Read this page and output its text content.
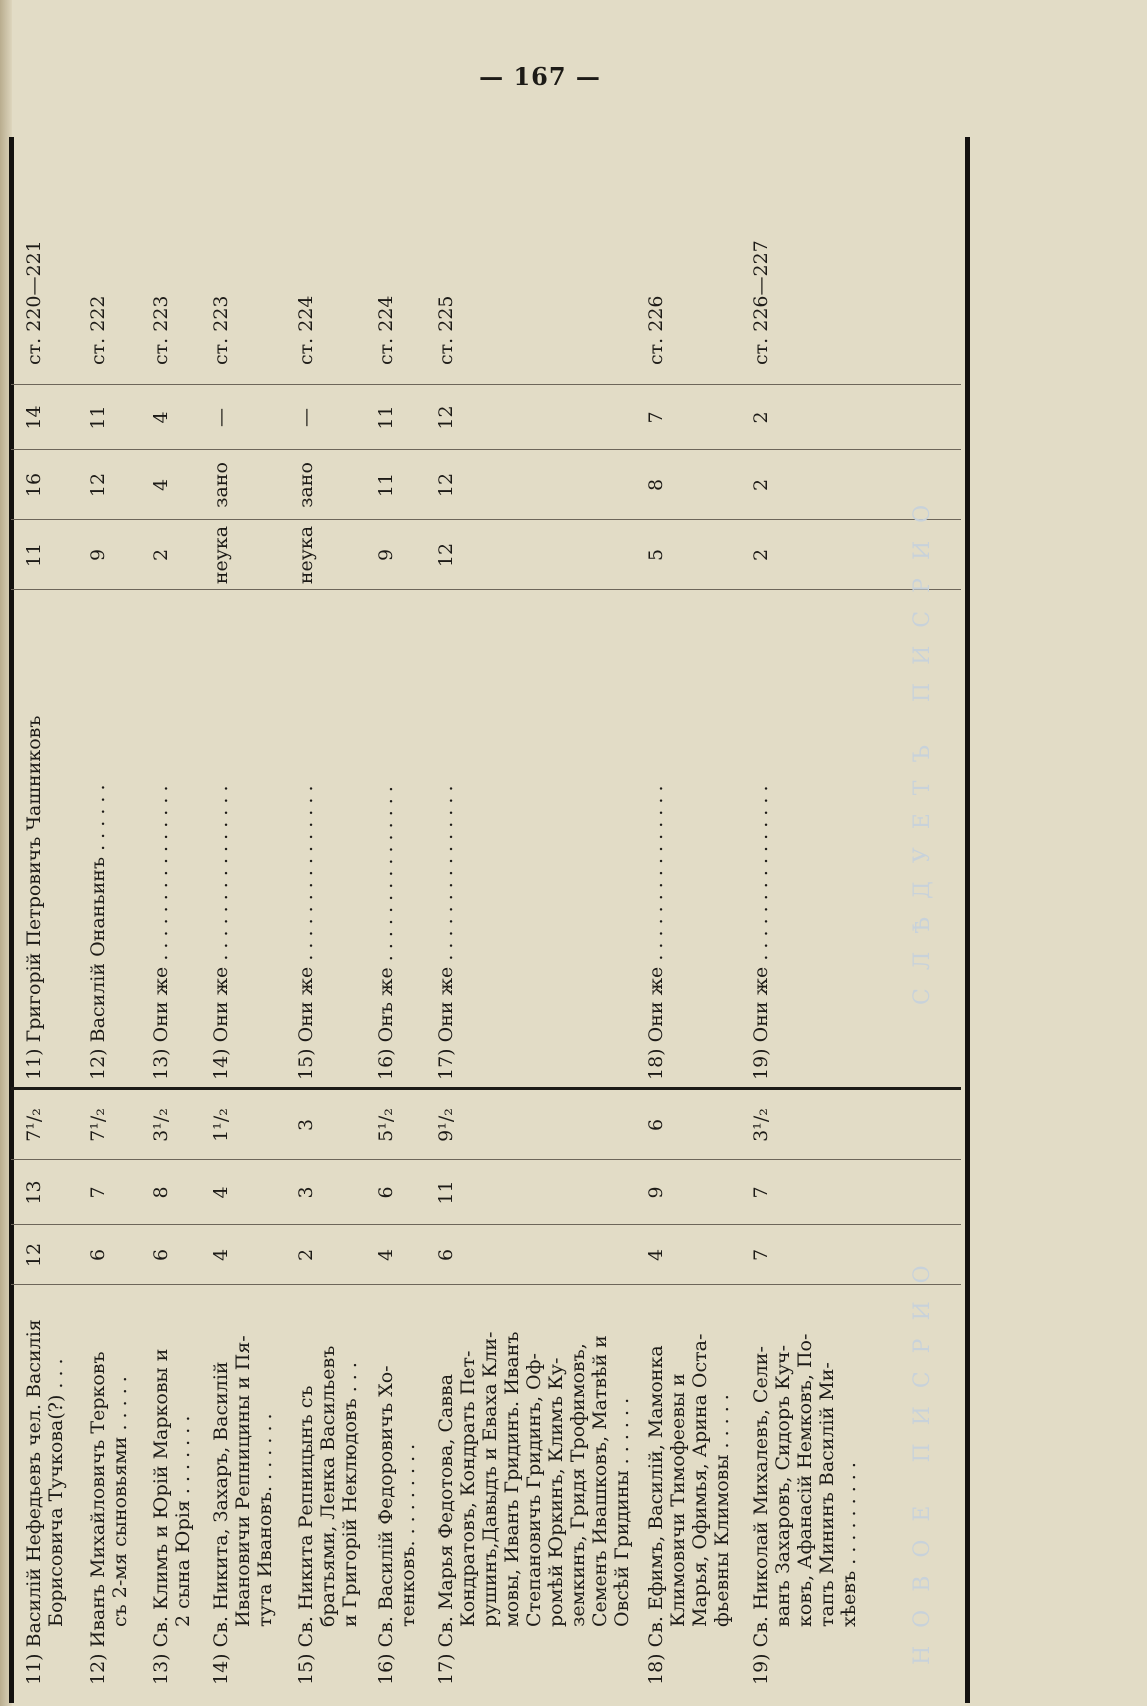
— 167 —
НОВОЕ ПИСРИО
СЛѢДУЕТЪ ПИСРИО
12
13
7¹/₂
11) Василій Нефедьевъ чел. Василія Борисовича Тучкова(?) . . .
11) Григорій Петровичъ Чашниковъ
11
16
14
ст. 220—221
12) Иванъ Михайловичъ Терковъ съ 2-мя сыновьями . . . . .
6
7
7¹/₂
12) Василій Онаньинъ . . . . . .
9
12
11
ст. 222
13) Св. Климъ и Юрій Марковы и 2 сына Юрія . . . . . . .
6
8
3¹/₂
13) Они же . . . . . . . . . . . . . . .
2
4
4
ст. 223
14) Св. Никита, Захаръ, Василій Ивановичи Репницины и Пя- тута Ивановъ. . . . . . .
4
4
1¹/₂
14) Они же . . . . . . . . . . . . . . .
неука
зано
—
ст. 223
15) Св. Никита Репницынъ съ братьями, Ленка Васильевъ и Григорій Неклюдовъ . . .
2
3
3
15) Они же . . . . . . . . . . . . . . .
неука
зано
—
ст. 224
16) Св. Василій Федоровичъ Хо- тенковъ. . . . . . . . .
4
6
5¹/₂
16) Онъ же . . . . . . . . . . . . . . .
9
11
11
ст. 224
17) Св. Марья Федотова, Савва Кондратовъ, Кондрать Пет- рушинъ,Давыдъ и Еваха Кли- мовы, Иванъ Гридинъ. Иванъ Степановичъ Гридинъ, Оф- ромѣй Юркинъ, Климъ Ку- земкинъ, Гридя Трофимовъ, Семенъ Ивашковъ, Матвѣй и Овсѣй Гридины . . . . . .
6
11
9¹/₂
17) Они же . . . . . . . . . . . . . . .
12
12
12
ст. 225
18) Св. Ефимъ, Василій, Мамонка Климовичи Тимофеевы и Марья, Офимья, Арина Оста- фьевны Климовы . . . . .
4
9
6
18) Они же . . . . . . . . . . . . . . .
5
8
7
ст. 226
19) Св. Николай Михалевъ, Сели- ванъ Захаровъ, Сидоръ Куч- ковъ, Афанасій Немковъ, По- тапъ Мининъ Василій Ми- хѣевъ . . . . . . . . .
7
7
3¹/₂
19) Они же . . . . . . . . . . . . . . .
2
2
2
ст. 226—227
